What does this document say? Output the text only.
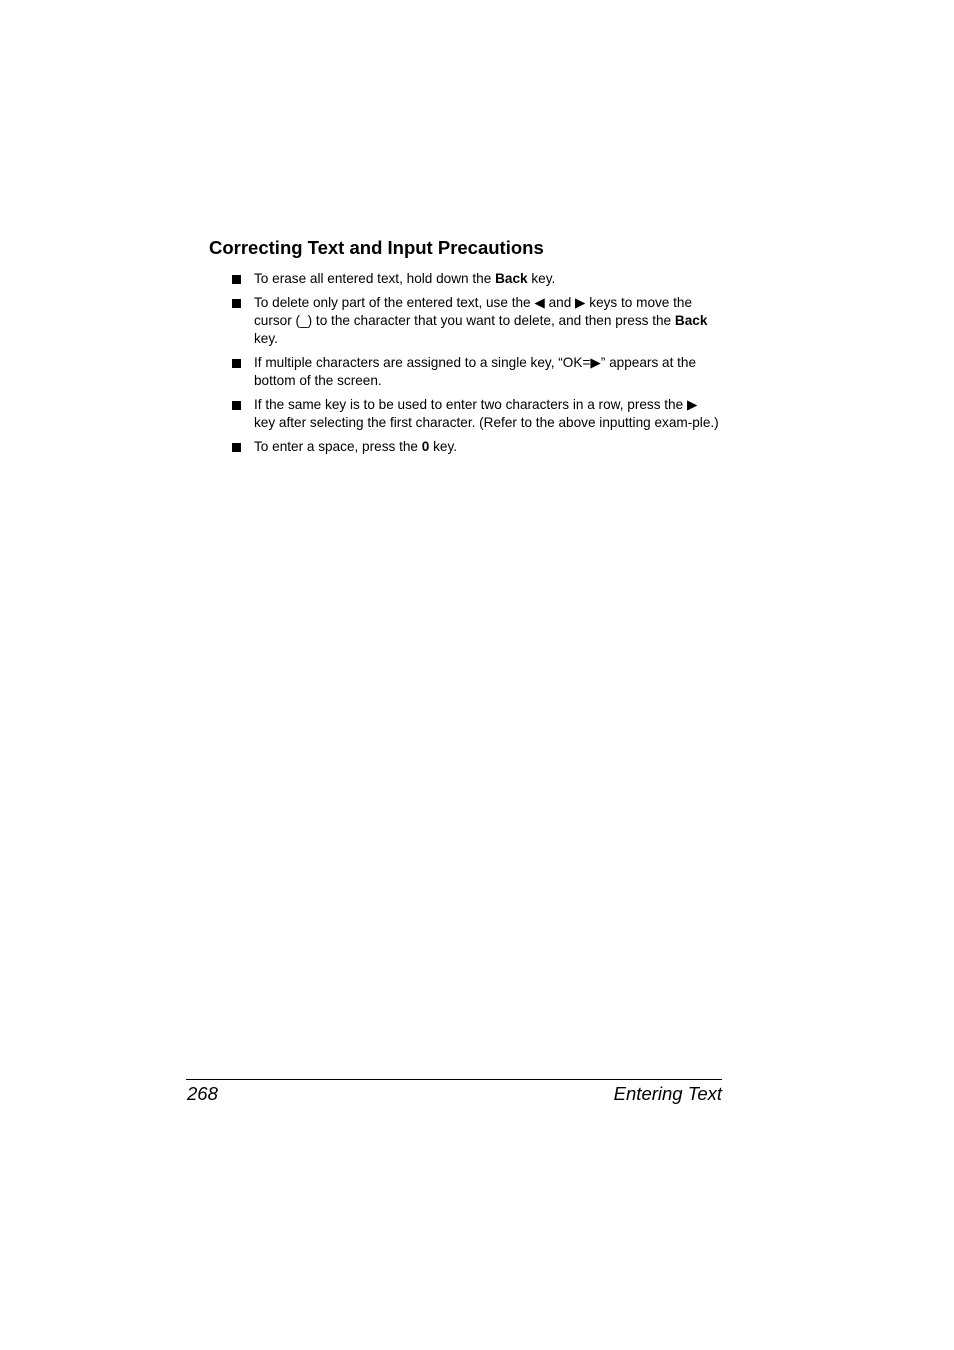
Correcting Text and Input Precautions
To erase all entered text, hold down the Back key.
To delete only part of the entered text, use the ◀ and ▶ keys to move the cursor (_) to the character that you want to delete, and then press the Back key.
If multiple characters are assigned to a single key, “OK=▶” appears at the bottom of the screen.
If the same key is to be used to enter two characters in a row, press the ▶ key after selecting the first character. (Refer to the above inputting exam-ple.)
To enter a space, press the 0 key.
268	Entering Text
